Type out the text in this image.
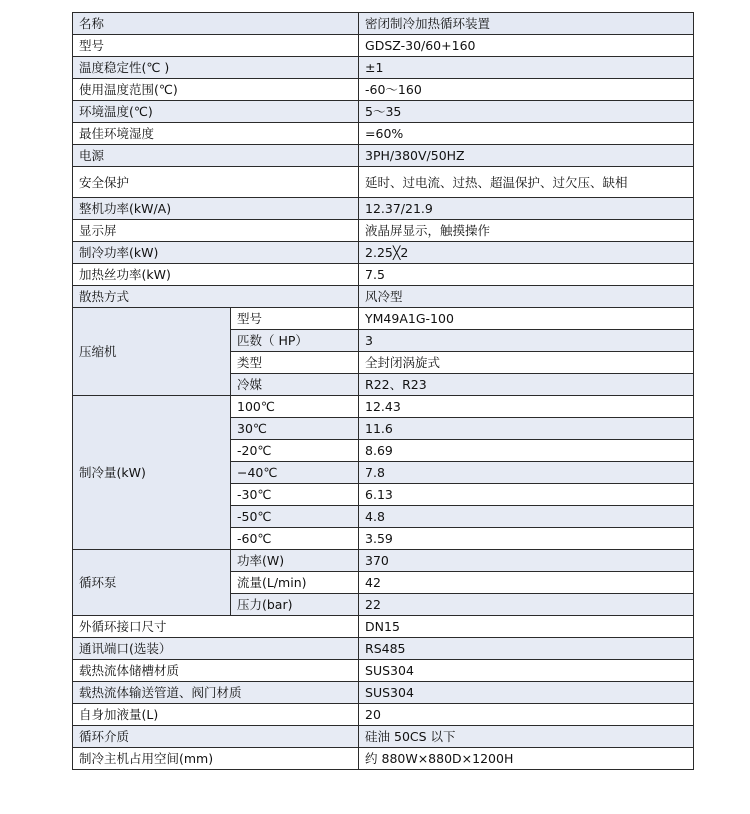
名称		密闭制冷加热循环装置
型号		GDSZ-30/60+160
温度稳定性(℃ )		±1
使用温度范围(℃)		-60～160
环境温度(℃)		5～35
最佳环境湿度		=60%
电源		3PH/380V/50HZ
安全保护		延时、过电流、过热、超温保护、过欠压、缺相
整机功率(kW/A)		12.37/21.9
显示屏		液晶屏显示，触摸操作
制冷功率(kW)		2.25╳2
加热丝功率(kW)		7.5
散热方式		风冷型
压缩机	型号	YM49A1G-100
	匹数（ HP）	3
	类型	全封闭涡旋式
	冷媒	R22、R23
制冷量(kW)	100℃	12.43
	30℃	11.6
	-20℃	8.69
	−40℃	7.8
	-30℃	6.13
	-50℃	4.8
	-60℃	3.59
循环泵	功率(W)	370
	流量(L/min)	42
	压力(bar)	22
外循环接口尺寸		DN15
通讯端口(选装）		RS485
载热流体储槽材质		SUS304
载热流体输送管道、阀门材质		SUS304
自身加液量(L)		20
循环介质		硅油 50CS 以下
制冷主机占用空间(mm)		约 880W×880D×1200H
